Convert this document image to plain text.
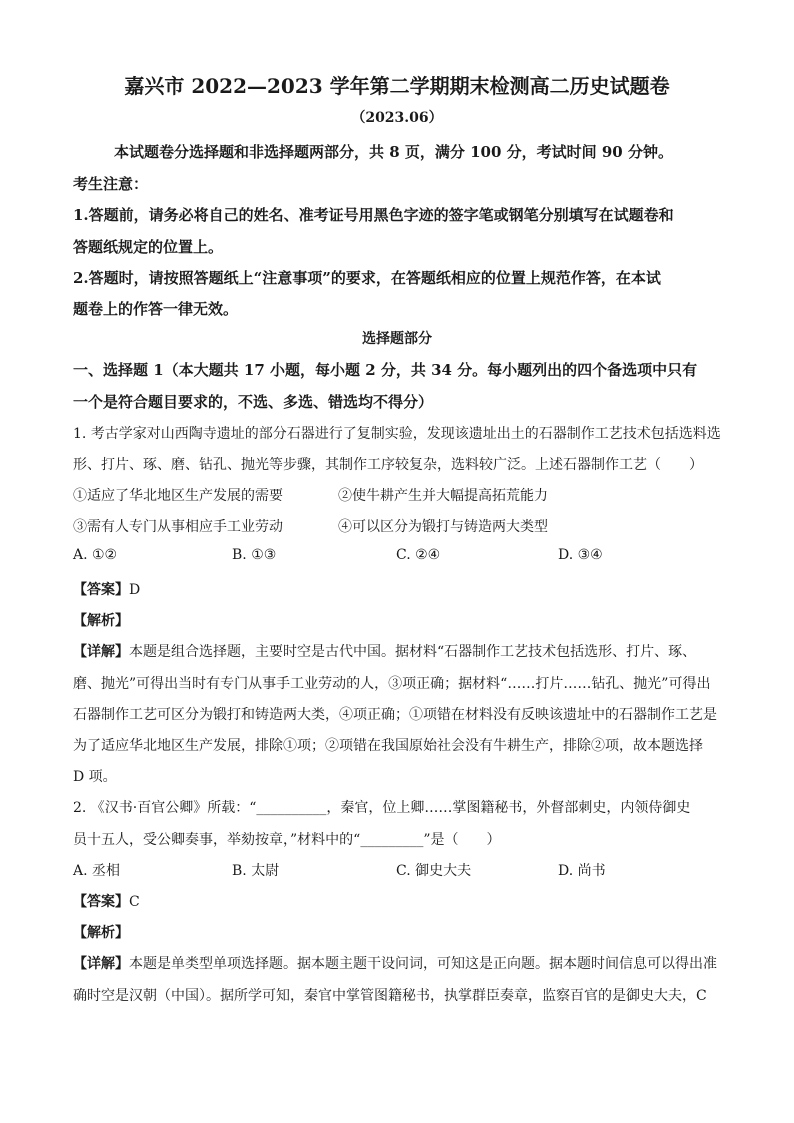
嘉兴市 2022—2023 学年第二学期期末检测高二历史试题卷
（2023.06）
本试题卷分选择题和非选择题两部分，共 8 页，满分 100 分，考试时间 90 分钟。
考生注意：
1.答题前，请务必将自己的姓名、准考证号用黑色字迹的签字笔或钢笔分别填写在试题卷和
答题纸规定的位置上。
2.答题时，请按照答题纸上“注意事项”的要求，在答题纸相应的位置上规范作答，在本试
题卷上的作答一律无效。
选择题部分
一、选择题 1（本大题共 17 小题，每小题 2 分，共 34 分。每小题列出的四个备选项中只有
一个是符合题目要求的，不选、多选、错选均不得分）
1. 考古学家对山西陶寺遗址的部分石器进行了复制实验，发现该遗址出土的石器制作工艺技术包括选料选
形、打片、琢、磨、钻孔、抛光等步骤，其制作工序较复杂，选料较广泛。上述石器制作工艺（　　）
①适应了华北地区生产发展的需要	②使牛耕产生并大幅提高拓荒能力
③需有人专门从事相应手工业劳动	④可以区分为锻打与铸造两大类型
A. ①②	B. ①③	C. ②④	D. ③④
【答案】D
【解析】
【详解】本题是组合选择题，主要时空是古代中国。据材料“石器制作工艺技术包括选形、打片、琢、
磨、抛光”可得出当时有专门从事手工业劳动的人，③项正确；据材料“……打片……钻孔、抛光”可得出
石器制作工艺可区分为锻打和铸造两大类，④项正确；①项错在材料没有反映该遗址中的石器制作工艺是
为了适应华北地区生产发展，排除①项；②项错在我国原始社会没有牛耕生产，排除②项，故本题选择
D 项。
2. 《汉书·百官公卿》所载：“__________，秦官，位上卿……掌图籍秘书，外督部刺史，内领侍御史
员十五人，受公卿奏事，举劾按章，”材料中的“_________”是（　　）
A. 丞相	B. 太尉	C. 御史大夫	D. 尚书
【答案】C
【解析】
【详解】本题是单类型单项选择题。据本题主题干设问词，可知这是正向题。据本题时间信息可以得出准
确时空是汉朝（中国）。据所学可知，秦官中掌管图籍秘书，执掌群臣奏章，监察百官的是御史大夫，C
